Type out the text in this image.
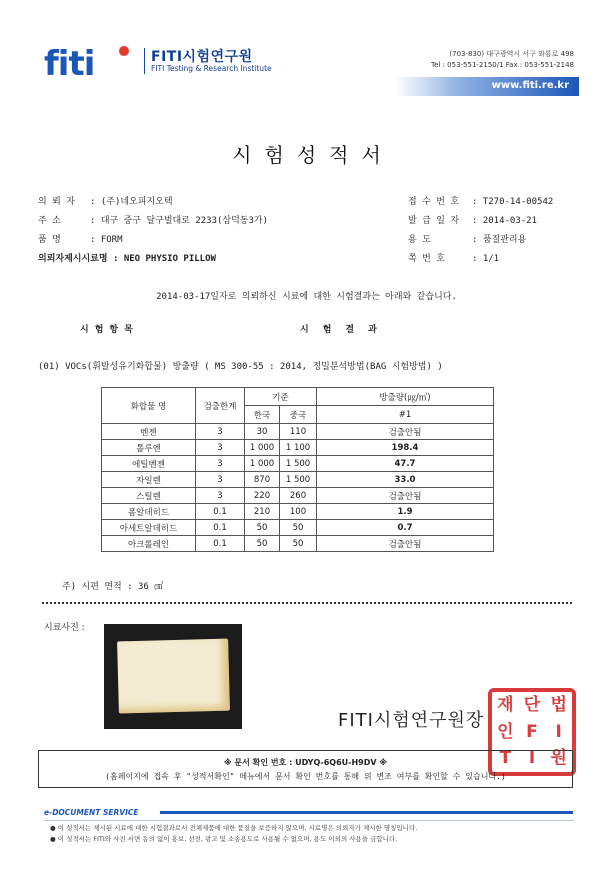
fiti	FITI시험연구원
FITI Testing & Research Institute
(703-830) 대구광역시 서구 와룡로 498
Tel : 053-551-2150/1 Fax : 053-551-2148
www.fiti.re.kr
시험성적서
의 뢰 자 : (주)네오피지오텍
주 소	: 대구 중구 달구벌대로 2233(삼덕동3가)
품 명	: FORM
의뢰자제시시료명 : NEO PHYSIO PILLOW
접 수 번 호 : T270-14-00542
발 급 일 자 : 2014-03-21
용 도	: 품질관리용
쪽 번 호	: 1/1
2014-03-17일자로 의뢰하신 시료에 대한 시험결과는 아래와 같습니다.
시험항목	시험결과
(01) VOCs(휘발성유기화합물) 방출량 ( MS 300-55 : 2014, 정밀분석방법(BAG 시험방법) )
화합물 명	검출한계	기준		방출량(㎍/㎥)
		한국	중국	#1
벤젠	3	30	110	검출안됨
톨루엔	3	1 000	1 100	198.4
에틸벤젠	3	1 000	1 500	47.7
자일렌	3	870	1 500	33.0
스틸렌	3	220	260	검출안됨
폼알데히드	0.1	210	100	1.9
아세트알데히드	0.1	50	50	0.7
아크롤레인	0.1	50	50	검출안됨
주) 시편 면적 : 36 ㎠
시료사진 :
FITI시험연구원장
재 단 법
인 F	I
T	I 원
※ 문서 확인 번호 : UDYQ-6Q6U-H9DV ※
(홈페이지에 접속 후 "성적서확인" 메뉴에서 문서 확인 번호를 통해 위 변조 여부를 확인할 수 있습니다.)
e-DOCUMENT SERVICE
● 이 성적서는 제시된 시료에 대한 시험결과로서 전체제품에 대한 품질을 보증하지 않으며, 시료명은 의뢰자가 제시한 명칭입니다.
● 이 성적서는 FITI와 사전 서면 동의 없이 홍보, 선전, 광고 및 소송용도로 사용될 수 없으며, 용도 이외의 사용을 금합니다.
